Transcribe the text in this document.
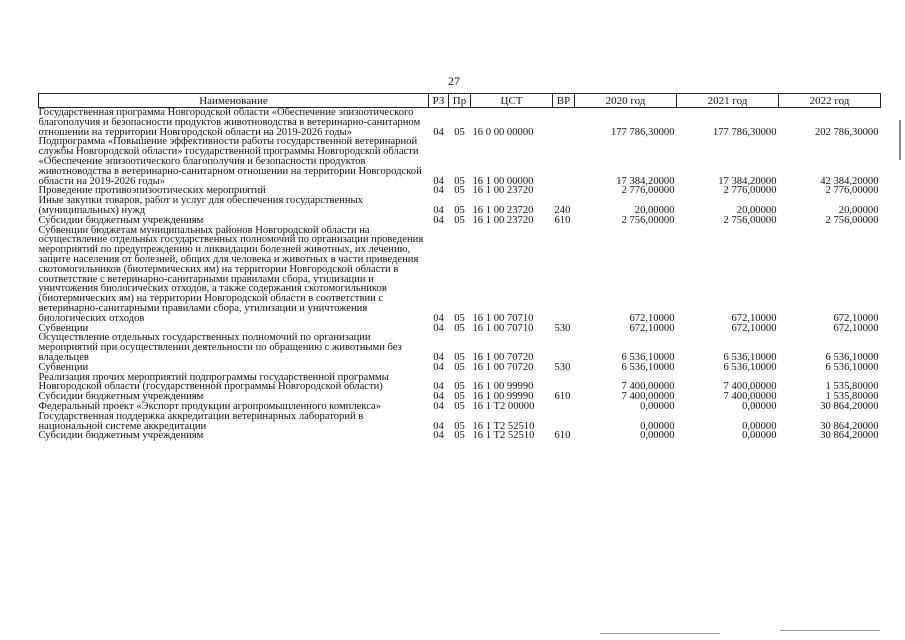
27
Наименование	РЗ	Пр	ЦСТ	ВР	2020 год	2021 год	2022 год
Государственная программа Новгородской области «Обеспечение эпизоотического благополучия и безопасности продуктов животноводства в ветеринарно-санитарном отношении на территории Новгородской области на 2019-2026 годы»	04	05	16 0 00 00000		177 786,30000	177 786,30000	202 786,30000
Подпрограмма «Повышение эффективности работы государственной ветеринарной службы Новгородской области» государственной программы Новгородской области «Обеспечение эпизоотического благополучия и безопасности продуктов животноводства в ветеринарно-санитарном отношении на территории Новгородской области на 2019-2026 годы»	04	05	16 1 00 00000		17 384,20000	17 384,20000	42 384,20000
Проведение противоэпизоотических мероприятий	04	05	16 1 00 23720		2 776,00000	2 776,00000	2 776,00000
Иные закупки товаров, работ и услуг для обеспечения государственных (муниципальных) нужд	04	05	16 1 00 23720	240	20,00000	20,00000	20,00000
Субсидии бюджетным учреждениям	04	05	16 1 00 23720	610	2 756,00000	2 756,00000	2 756,00000
Субвенции бюджетам муниципальных районов Новгородской области на осуществление отдельных государственных полномочий по организации проведения мероприятий по предупреждению и ликвидации болезней животных, их лечению, защите населения от болезней, общих для человека и животных в части приведения скотомогильников (биотермических ям) на территории Новгородской области в соответствие с ветеринарно-санитарными правилами сбора, утилизации и уничтожения биологических отходов, а также содержания скотомогильников (биотермических ям) на территории Новгородской области в соответствии с ветеринарно-санитарными правилами сбора, утилизации и уничтожения биологических отходов	04	05	16 1 00 70710		672,10000	672,10000	672,10000
Субвенции	04	05	16 1 00 70710	530	672,10000	672,10000	672,10000
Осуществление отдельных государственных полномочий по организации мероприятий при осуществлении деятельности по обращению с животными без владельцев	04	05	16 1 00 70720		6 536,10000	6 536,10000	6 536,10000
Субвенции	04	05	16 1 00 70720	530	6 536,10000	6 536,10000	6 536,10000
Реализация прочих мероприятий подпрограммы государственной программы Новгородской области (государственной программы Новгородской области)	04	05	16 1 00 99990		7 400,00000	7 400,00000	1 535,80000
Субсидии бюджетным учреждениям	04	05	16 1 00 99990	610	7 400,00000	7 400,00000	1 535,80000
Федеральный проект «Экспорт продукции агропромышленного комплекса»	04	05	16 1 T2 00000		0,00000	0,00000	30 864,20000
Государственная поддержка аккредитации ветеринарных лабораторий в национальной системе аккредитации	04	05	16 1 T2 52510		0,00000	0,00000	30 864,20000
Субсидии бюджетным учреждениям	04	05	16 1 T2 52510	610	0,00000	0,00000	30 864,20000
